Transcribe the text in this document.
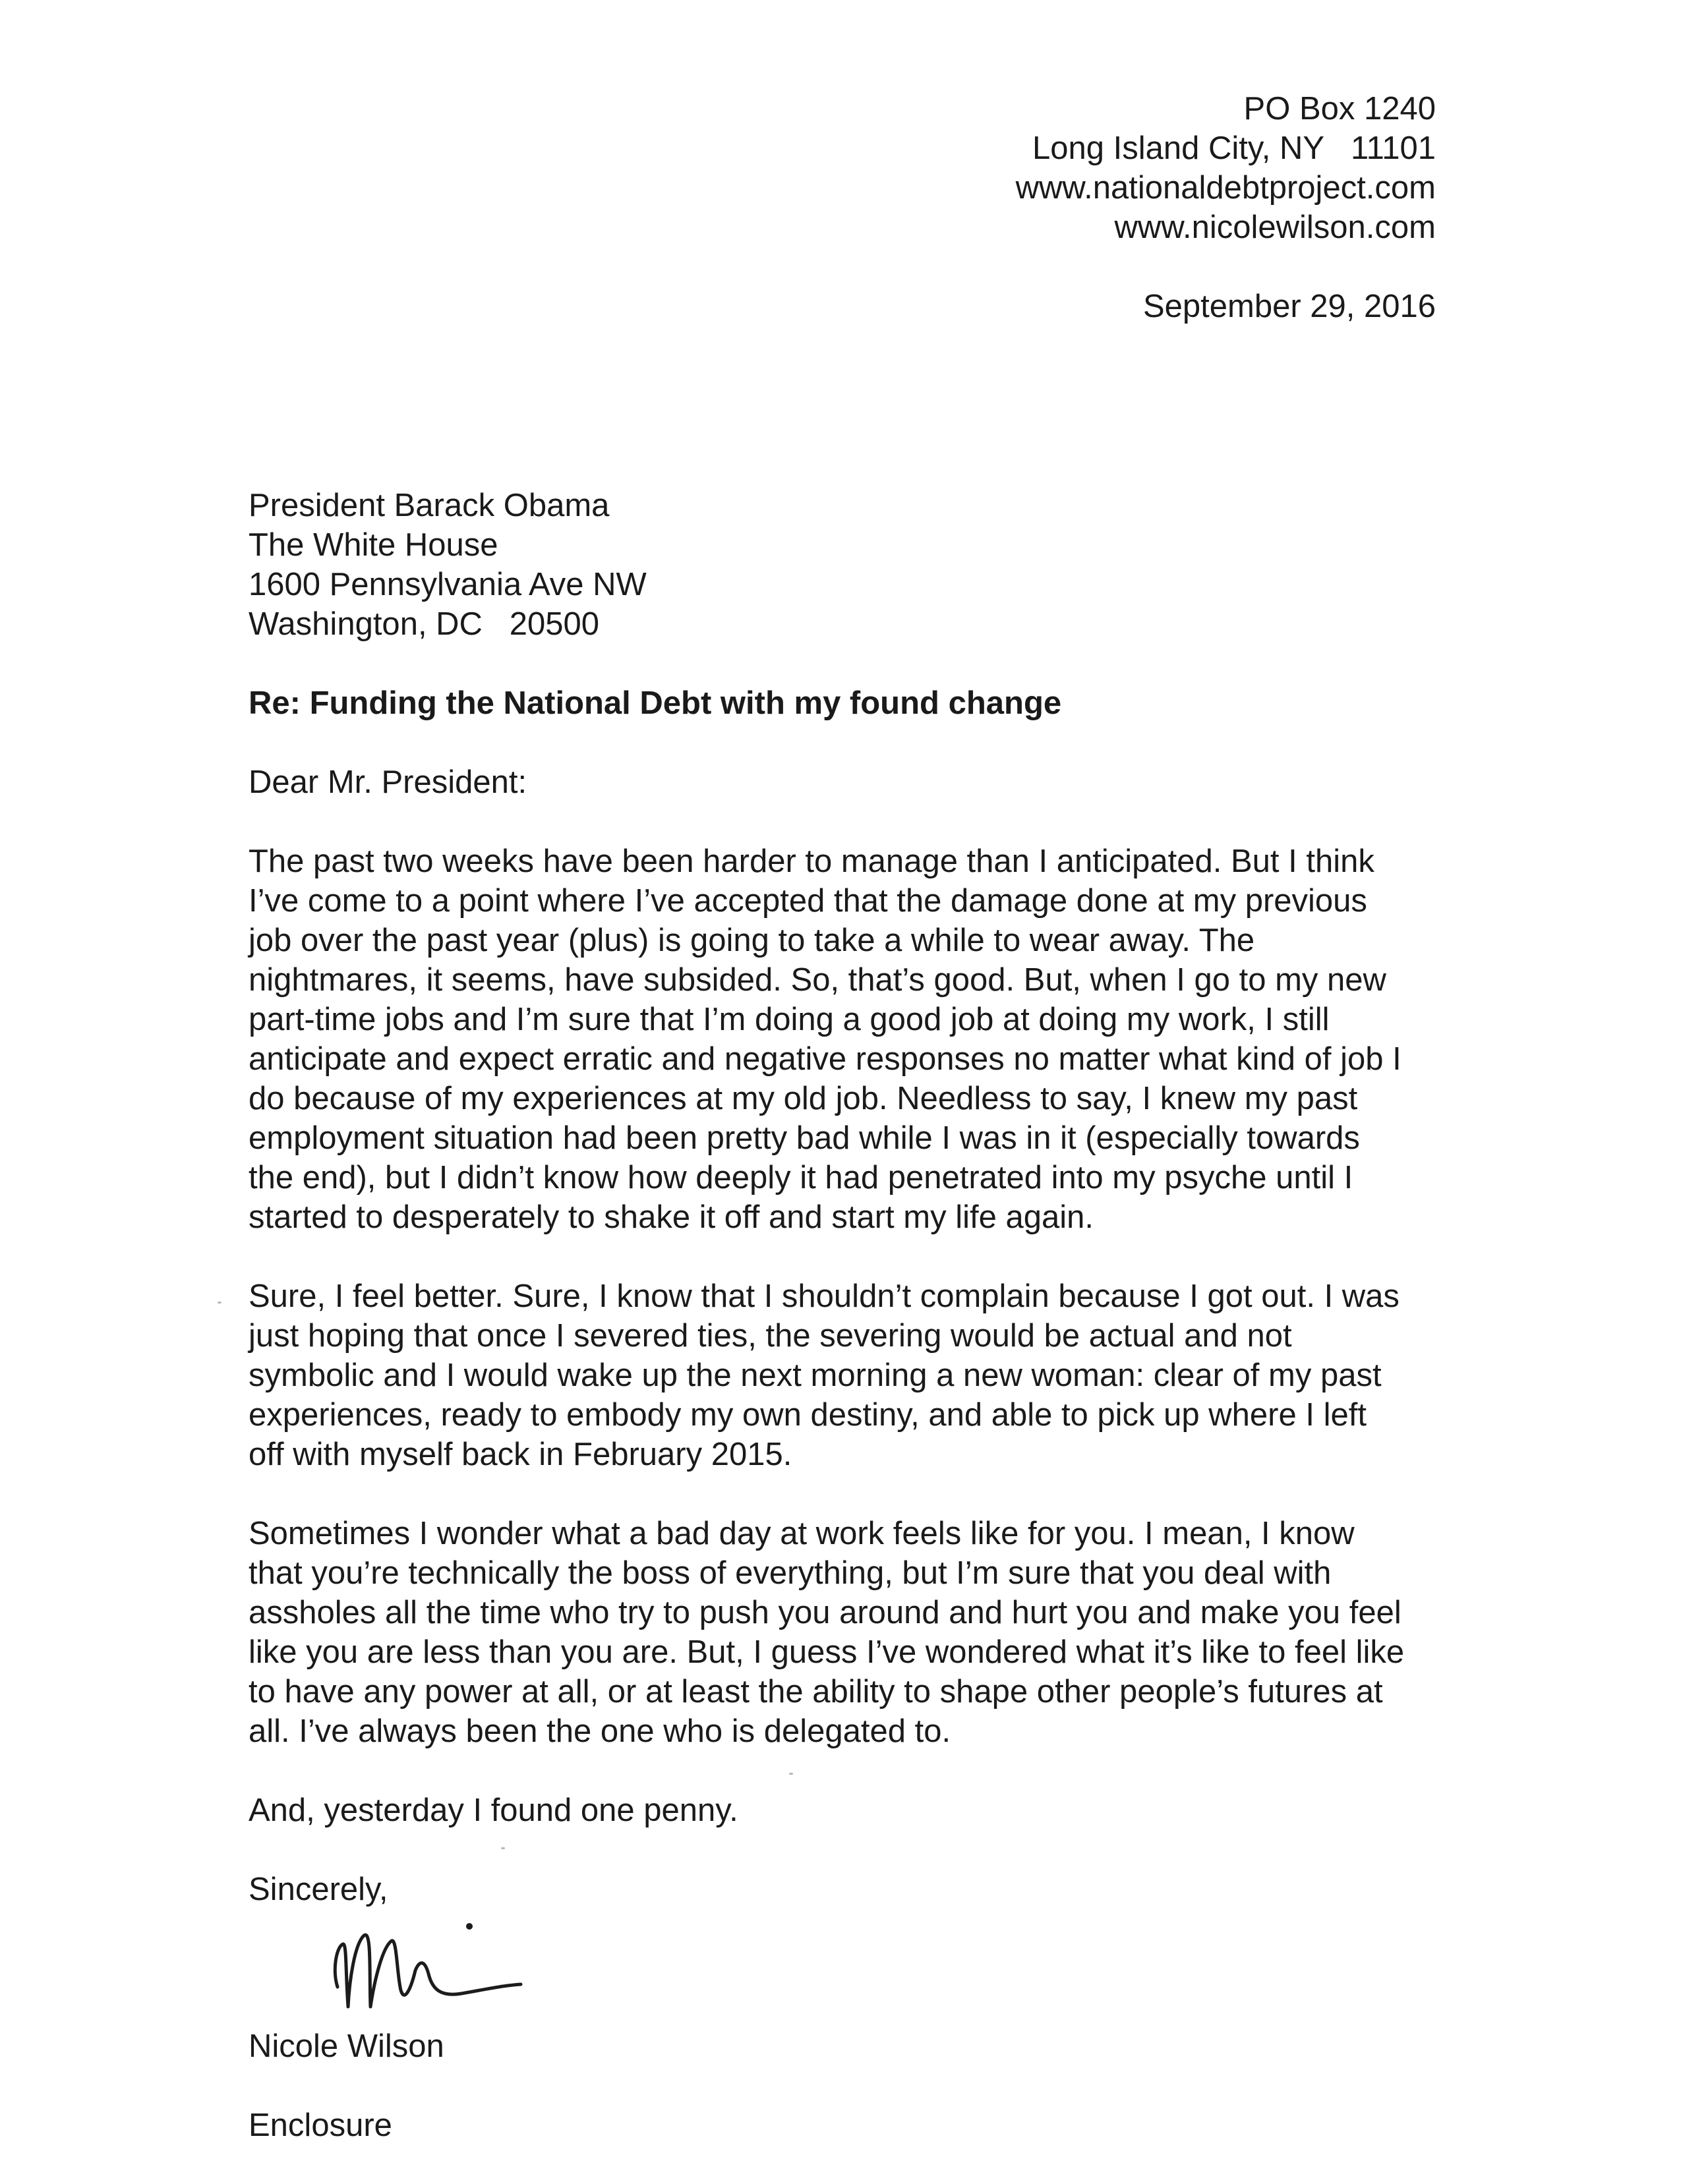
PO Box 1240
Long Island City, NY   11101
www.nationaldebtproject.com
www.nicolewilson.com
September 29, 2016
President Barack Obama
The White House
1600 Pennsylvania Ave NW
Washington, DC   20500
Re: Funding the National Debt with my found change
Dear Mr. President:
The past two weeks have been harder to manage than I anticipated. But I think
I’ve come to a point where I’ve accepted that the damage done at my previous
job over the past year (plus) is going to take a while to wear away. The
nightmares, it seems, have subsided. So, that’s good. But, when I go to my new
part-time jobs and I’m sure that I’m doing a good job at doing my work, I still
anticipate and expect erratic and negative responses no matter what kind of job I
do because of my experiences at my old job. Needless to say, I knew my past
employment situation had been pretty bad while I was in it (especially towards
the end), but I didn’t know how deeply it had penetrated into my psyche until I
started to desperately to shake it off and start my life again.
Sure, I feel better. Sure, I know that I shouldn’t complain because I got out. I was
just hoping that once I severed ties, the severing would be actual and not
symbolic and I would wake up the next morning a new woman: clear of my past
experiences, ready to embody my own destiny, and able to pick up where I left
off with myself back in February 2015.
Sometimes I wonder what a bad day at work feels like for you. I mean, I know
that you’re technically the boss of everything, but I’m sure that you deal with
assholes all the time who try to push you around and hurt you and make you feel
like you are less than you are. But, I guess I’ve wondered what it’s like to feel like
to have any power at all, or at least the ability to shape other people’s futures at
all. I’ve always been the one who is delegated to.
And, yesterday I found one penny.
Sincerely,
Nicole Wilson
Enclosure
